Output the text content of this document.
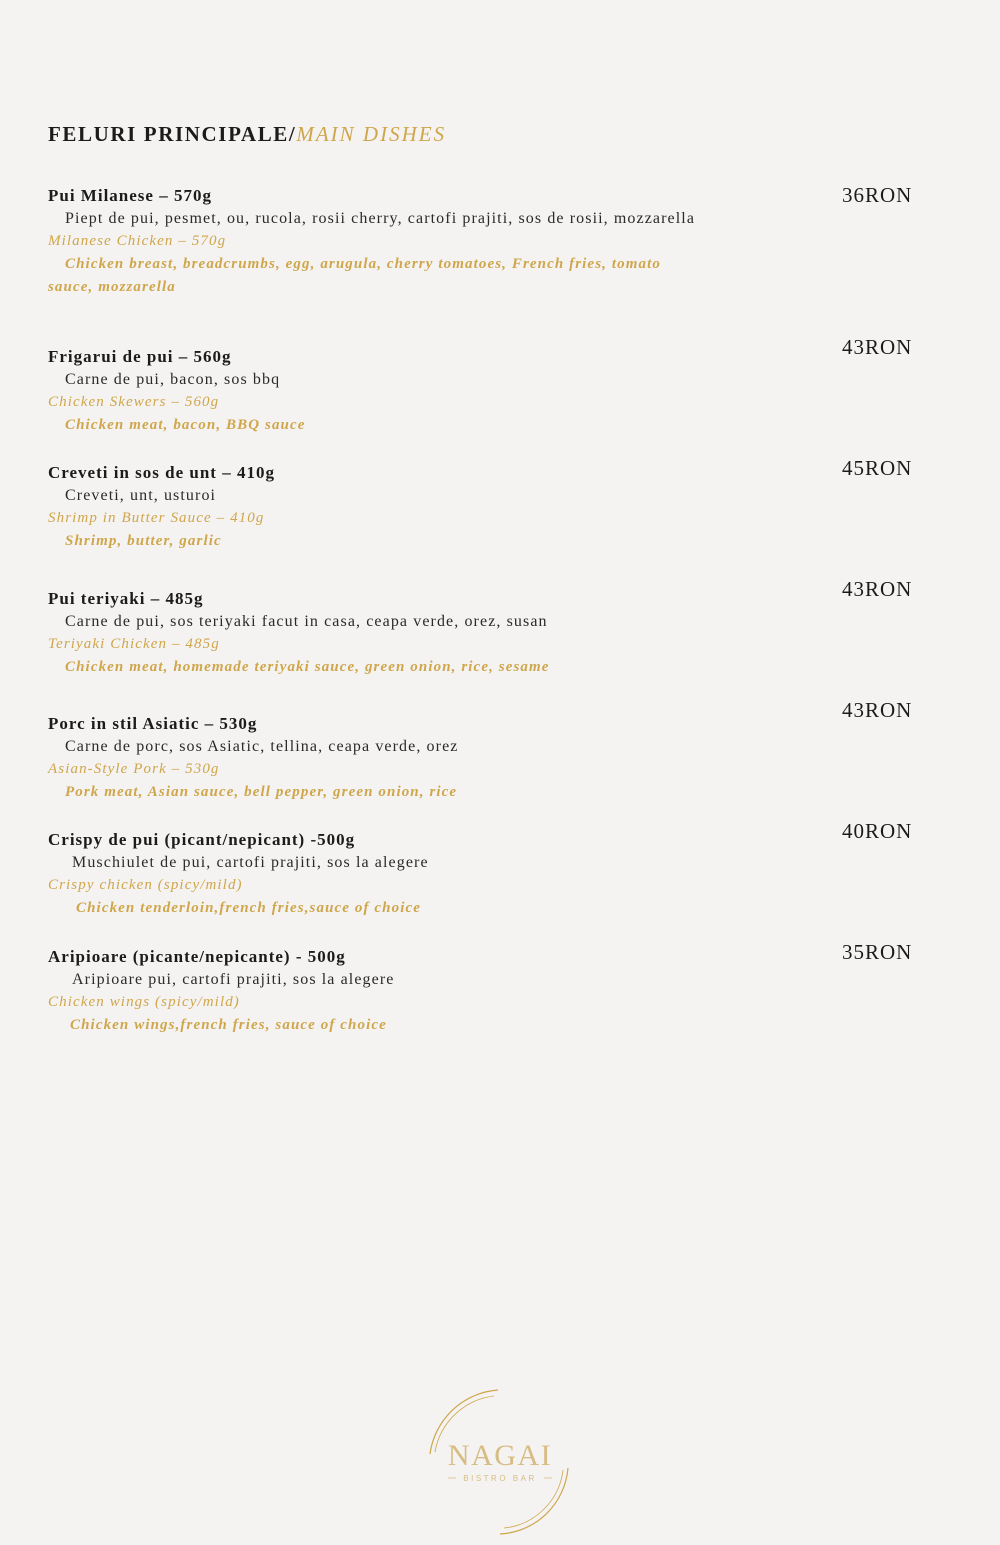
FELURI PRINCIPALE/MAIN DISHES
Pui Milanese – 570g
Piept de pui, pesmet, ou, rucola, rosii cherry, cartofi prajiti, sos de rosii, mozzarella
Milanese Chicken – 570g
Chicken breast, breadcrumbs, egg, arugula, cherry tomatoes, French fries, tomato sauce, mozzarella
36RON
Frigarui de pui – 560g
Carne de pui, bacon, sos bbq
Chicken Skewers – 560g
Chicken meat, bacon, BBQ sauce
43RON
Creveti in sos de unt – 410g
Creveti, unt, usturoi
Shrimp in Butter Sauce – 410g
Shrimp, butter, garlic
45RON
Pui teriyaki – 485g
Carne de pui, sos teriyaki facut in casa, ceapa verde, orez, susan
Teriyaki Chicken – 485g
Chicken meat, homemade teriyaki sauce, green onion, rice, sesame
43RON
Porc in stil Asiatic – 530g
Carne de porc, sos Asiatic, tellina, ceapa verde, orez
Asian-Style Pork – 530g
Pork meat, Asian sauce, bell pepper, green onion, rice
43RON
Crispy de pui (picant/nepicant) -500g
Muschiulet de pui, cartofi prajiti, sos la alegere
Crispy chicken (spicy/mild)
Chicken tenderloin,french fries,sauce of choice
40RON
Aripioare (picante/nepicante) - 500g
Aripioare pui, cartofi prajiti, sos la alegere
Chicken wings (spicy/mild)
Chicken wings,french fries, sauce of choice
35RON
NAGAI
BISTRO BAR
